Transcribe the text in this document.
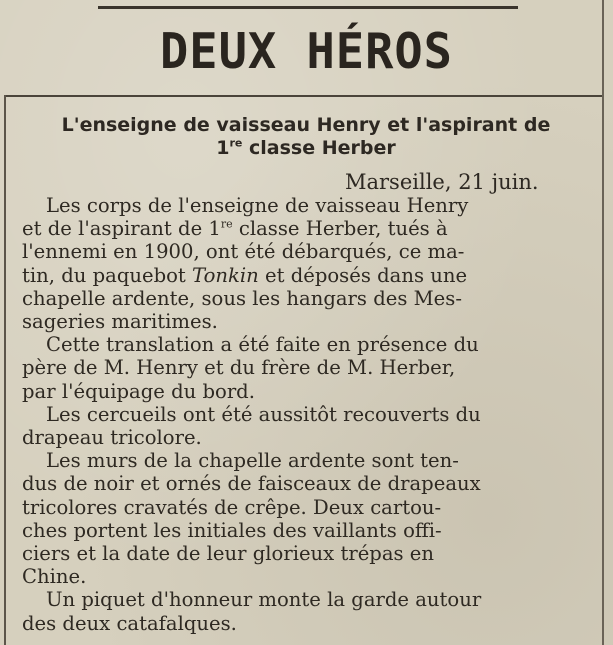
DEUX HÉROS
L'enseigne de vaisseau Henry et l'aspirant de
1re classe Herber
Marseille, 21 juin.
Les corps de l'enseigne de vaisseau Henry
et de l'aspirant de 1re classe Herber, tués à
l'ennemi en 1900, ont été débarqués, ce ma-
tin, du paquebot Tonkin et déposés dans une
chapelle ardente, sous les hangars des Mes-
sageries maritimes.
Cette translation a été faite en présence du
père de M. Henry et du frère de M. Herber,
par l'équipage du bord.
Les cercueils ont été aussitôt recouverts du
drapeau tricolore.
Les murs de la chapelle ardente sont ten-
dus de noir et ornés de faisceaux de drapeaux
tricolores cravatés de crêpe. Deux cartou-
ches portent les initiales des vaillants offi-
ciers et la date de leur glorieux trépas en
Chine.
Un piquet d'honneur monte la garde autour
des deux catafalques.
